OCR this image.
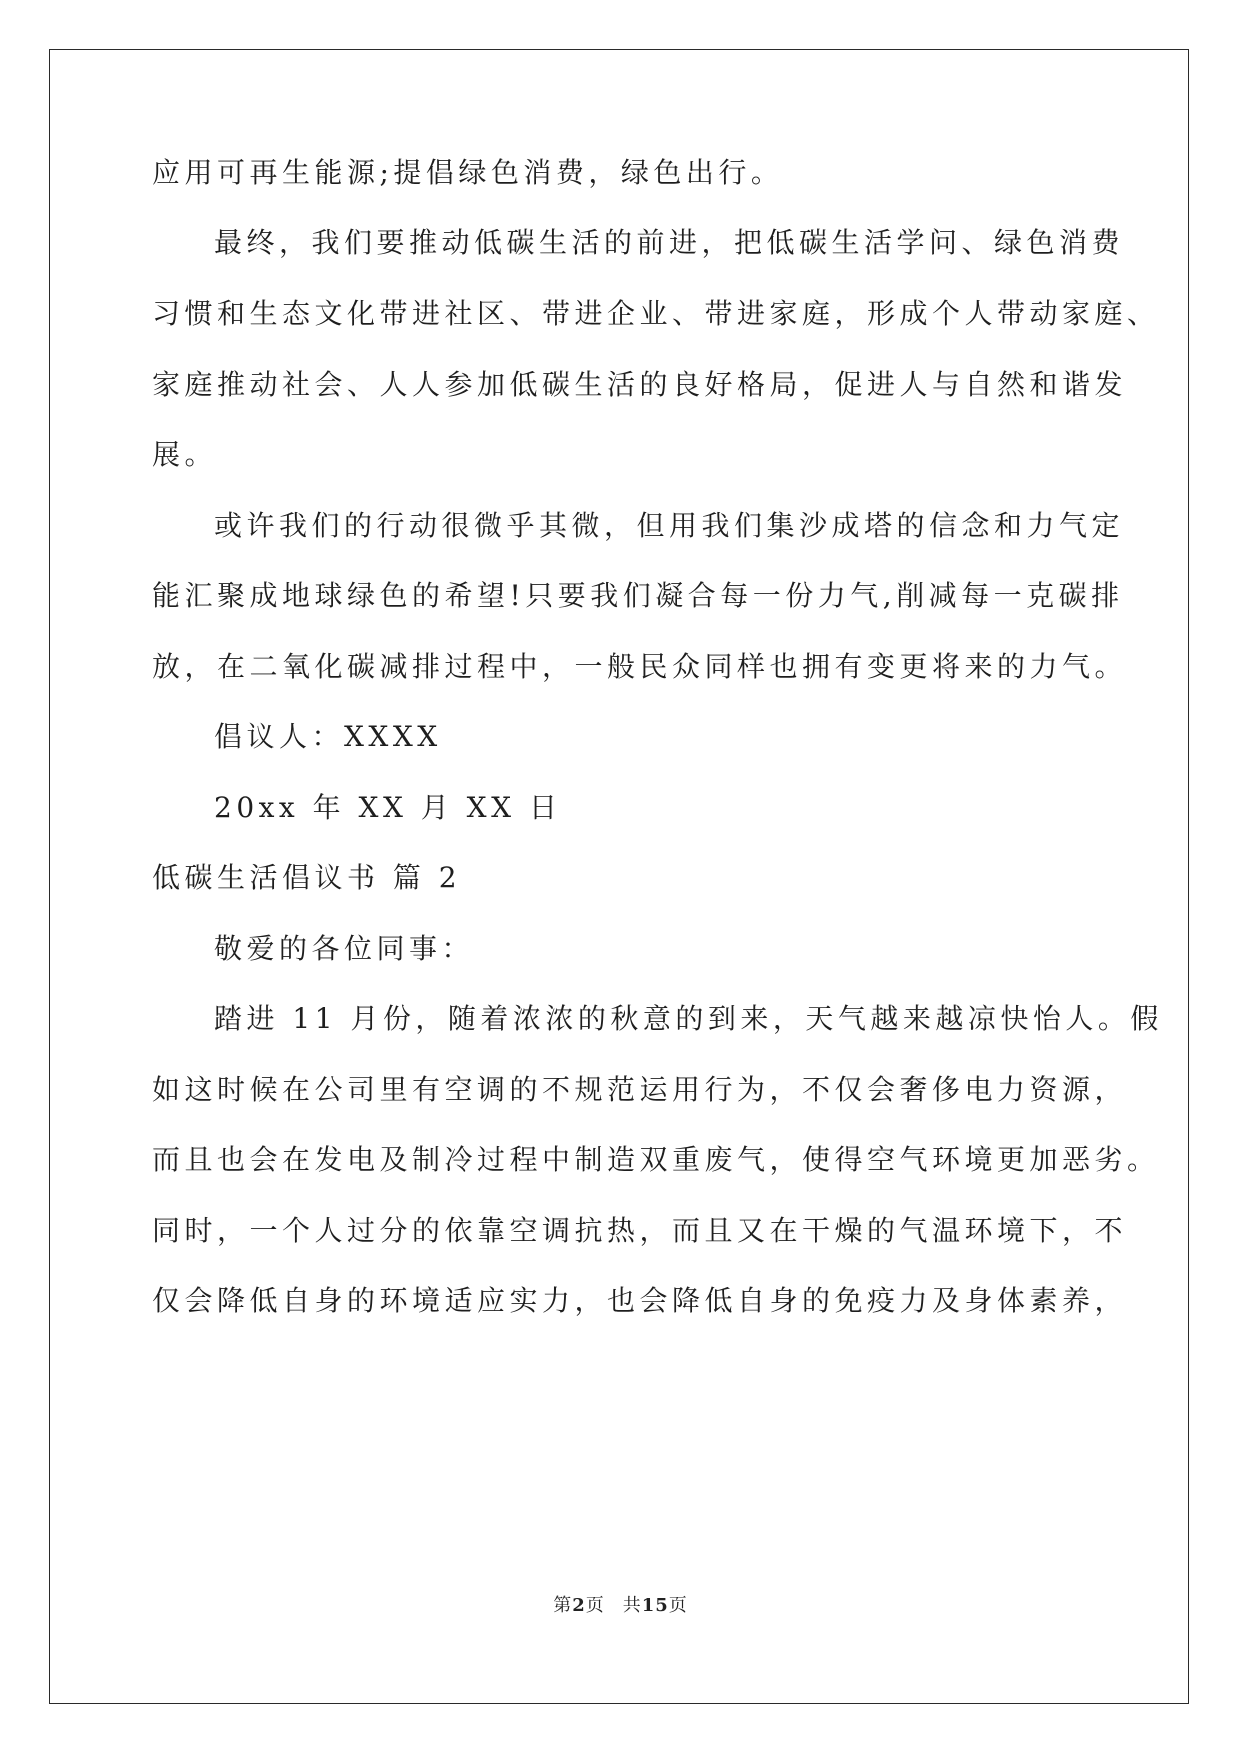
应用可再生能源;提倡绿色消费，绿色出行。
最终，我们要推动低碳生活的前进，把低碳生活学问、绿色消费
习惯和生态文化带进社区、带进企业、带进家庭，形成个人带动家庭、
家庭推动社会、人人参加低碳生活的良好格局，促进人与自然和谐发
展。
或许我们的行动很微乎其微，但用我们集沙成塔的信念和力气定
能汇聚成地球绿色的希望!只要我们凝合每一份力气,削减每一克碳排
放，在二氧化碳减排过程中，一般民众同样也拥有变更将来的力气。
倡议人：XXXX
20xx 年 XX 月 XX 日
低碳生活倡议书 篇 2
敬爱的各位同事：
踏进 11 月份，随着浓浓的秋意的到来，天气越来越凉快怡人。假
如这时候在公司里有空调的不规范运用行为，不仅会奢侈电力资源，
而且也会在发电及制冷过程中制造双重废气，使得空气环境更加恶劣。
同时，一个人过分的依靠空调抗热，而且又在干燥的气温环境下，不
仅会降低自身的环境适应实力，也会降低自身的免疫力及身体素养，
第2页 共15页
